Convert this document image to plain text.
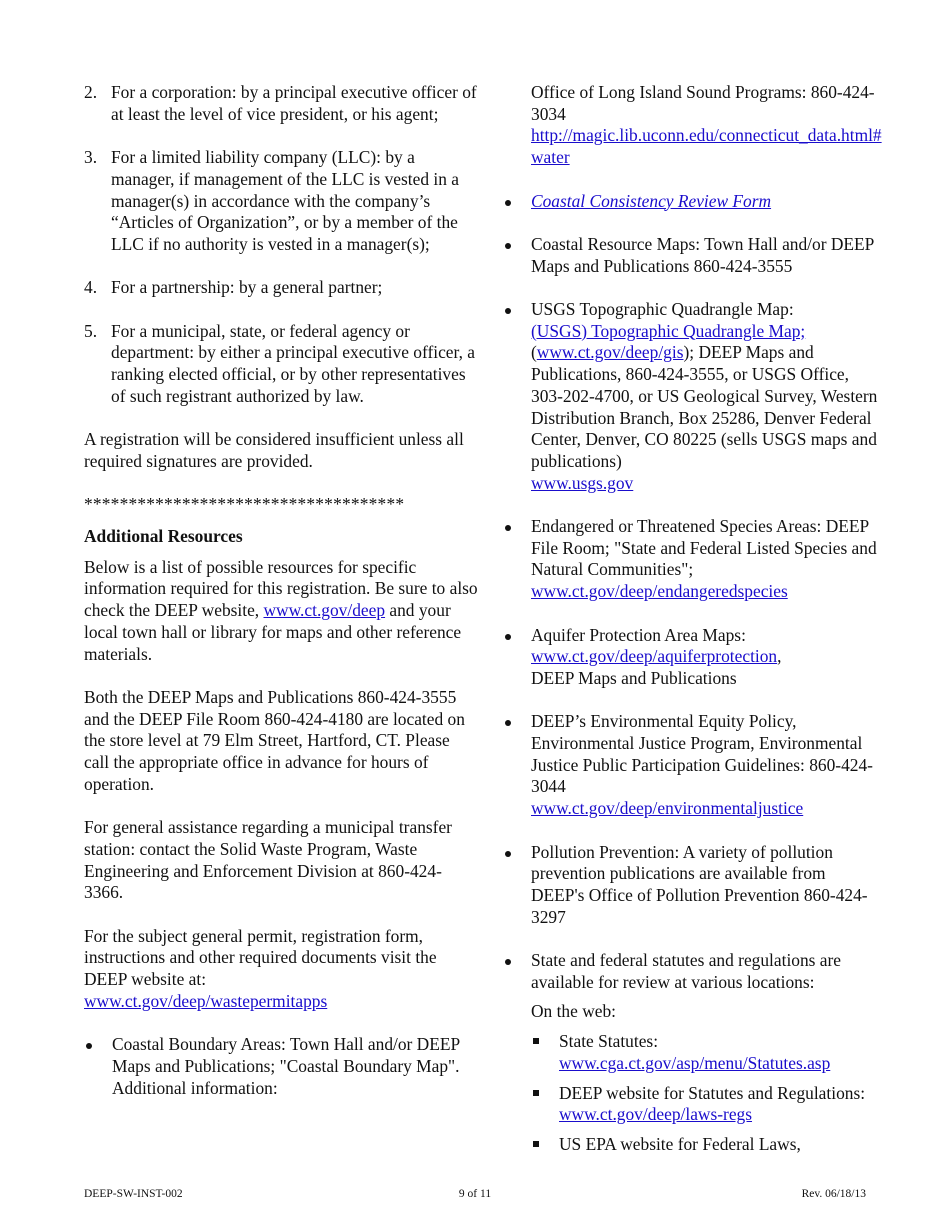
2. For a corporation: by a principal executive officer of at least the level of vice president, or his agent;
3. For a limited liability company (LLC): by a manager, if management of the LLC is vested in a manager(s) in accordance with the company’s “Articles of Organization”, or by a member of the LLC if no authority is vested in a manager(s);
4. For a partnership: by a general partner;
5. For a municipal, state, or federal agency or department: by either a principal executive officer, a ranking elected official, or by other representatives of such registrant authorized by law.

A registration will be considered insufficient unless all required signatures are provided.

************************************

Additional Resources

Below is a list of possible resources for specific information required for this registration. Be sure to also check the DEEP website, www.ct.gov/deep and your local town hall or library for maps and other reference materials.

Both the DEEP Maps and Publications 860-424-3555 and the DEEP File Room 860-424-4180 are located on the store level at 79 Elm Street, Hartford, CT. Please call the appropriate office in advance for hours of operation.

For general assistance regarding a municipal transfer station: contact the Solid Waste Program, Waste Engineering and Enforcement Division at 860-424-3366.

For the subject general permit, registration form, instructions and other required documents visit the DEEP website at:
www.ct.gov/deep/wastepermitapps

Coastal Boundary Areas: Town Hall and/or DEEP Maps and Publications; "Coastal Boundary Map". Additional information:

Office of Long Island Sound Programs: 860-424-3034
http://magic.lib.uconn.edu/connecticut_data.html#water

Coastal Consistency Review Form
Coastal Resource Maps: Town Hall and/or DEEP Maps and Publications 860-424-3555
USGS Topographic Quadrangle Map:
(USGS) Topographic Quadrangle Map;
(www.ct.gov/deep/gis); DEEP Maps and Publications, 860-424-3555, or USGS Office, 303-202-4700, or US Geological Survey, Western Distribution Branch, Box 25286, Denver Federal Center, Denver, CO 80225 (sells USGS maps and publications)
www.usgs.gov
Endangered or Threatened Species Areas: DEEP File Room; "State and Federal Listed Species and Natural Communities";
www.ct.gov/deep/endangeredspecies
Aquifer Protection Area Maps:
www.ct.gov/deep/aquiferprotection,
DEEP Maps and Publications
DEEP’s Environmental Equity Policy, Environmental Justice Program, Environmental Justice Public Participation Guidelines: 860-424-3044
www.ct.gov/deep/environmentaljustice
Pollution Prevention: A variety of pollution prevention publications are available from DEEP's Office of Pollution Prevention 860-424-3297

State and federal statutes and regulations are available for review at various locations:

On the web:

State Statutes:
www.cga.ct.gov/asp/menu/Statutes.asp
DEEP website for Statutes and Regulations: www.ct.gov/deep/laws-regs
US EPA website for Federal Laws,
DEEP-SW-INST-002	9 of 11	Rev. 06/18/13
